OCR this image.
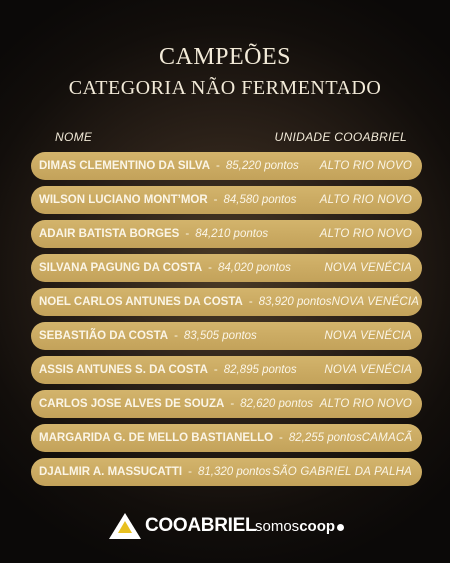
CAMPEÕES
CATEGORIA NÃO FERMENTADO
NOME	UNIDADE COOABRIEL
DIMAS CLEMENTINO DA SILVA - 85,220 pontos ALTO RIO NOVO
WILSON LUCIANO MONT’MOR - 84,580 pontos ALTO RIO NOVO
ADAIR BATISTA BORGES - 84,210 pontos	ALTO RIO NOVO
SILVANA PAGUNG DA COSTA - 84,020 pontos	NOVA VENÉCIA
NOEL CARLOS ANTUNES DA COSTA - 83,920 pontos NOVA VENÉCIA
SEBASTIÃO DA COSTA - 83,505 pontos	NOVA VENÉCIA
ASSIS ANTUNES S. DA COSTA - 82,895 pontos NOVA VENÉCIA
CARLOS JOSE ALVES DE SOUZA - 82,620 pontos ALTO RIO NOVO
MARGARIDA G. DE MELLO BASTIANELLO - 82,255 pontos CAMACÃ
DJALMIR A. MASSUCATTI - 81,320 pontos SÃO GABRIEL DA PALHA
COOABRIEL
somos coop
